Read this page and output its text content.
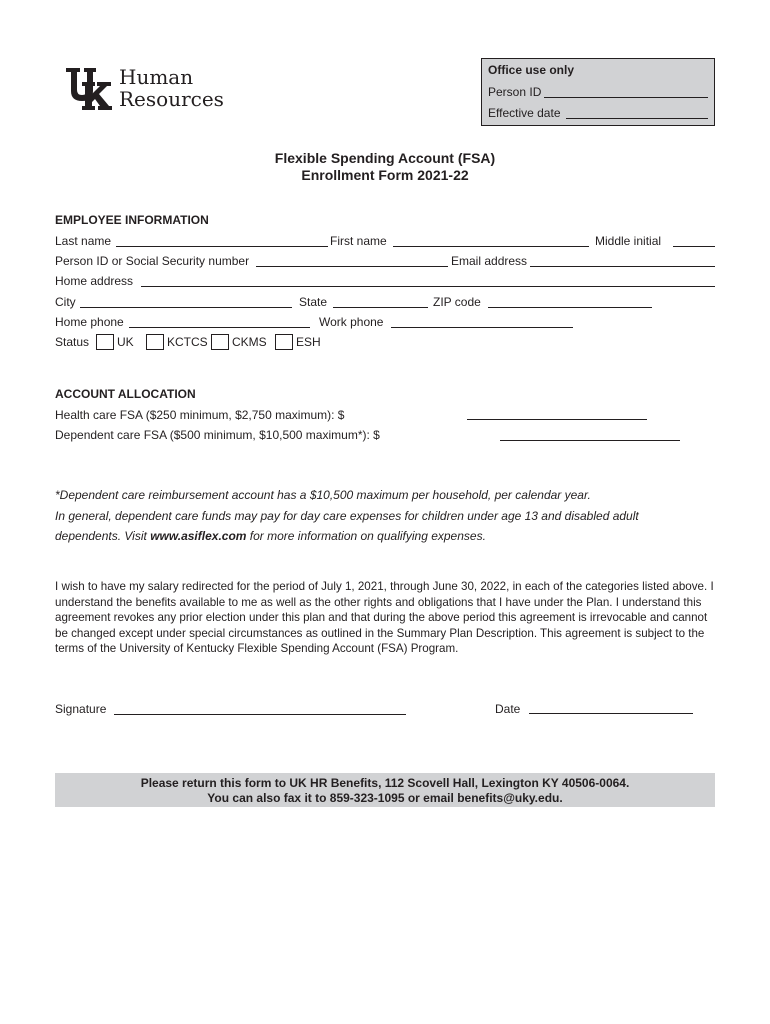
Human
Resources
Office use only
Person ID
Effective date
Flexible Spending Account (FSA)
Enrollment Form 2021-22
EMPLOYEE INFORMATION
Last name	First name	Middle initial
Person ID or Social Security number	Email address
Home address
City	State	ZIP code
Home phone	Work phone
Status UK	KCTCS CKMS ESH
ACCOUNT ALLOCATION
Health care FSA ($250 minimum, $2,750 maximum): $
Dependent care FSA ($500 minimum, $10,500 maximum*): $
*Dependent care reimbursement account has a $10,500 maximum per household, per calendar year.
In general, dependent care funds may pay for day care expenses for children under age 13 and disabled adult
dependents. Visit www.asiflex.com for more information on qualifying expenses.
I wish to have my salary redirected for the period of July 1, 2021, through June 30, 2022, in each of the categories listed above. I understand the benefits available to me as well as the other rights and obligations that I have under the Plan. I understand this agreement revokes any prior election under this plan and that during the above period this agreement is irrevocable and cannot be changed except under special circumstances as outlined in the Summary Plan Description. This agreement is subject to the terms of the University of Kentucky Flexible Spending Account (FSA) Program.
Signature	Date
Please return this form to UK HR Benefits, 112 Scovell Hall, Lexington KY 40506-0064.
You can also fax it to 859-323-1095 or email benefits@uky.edu.
